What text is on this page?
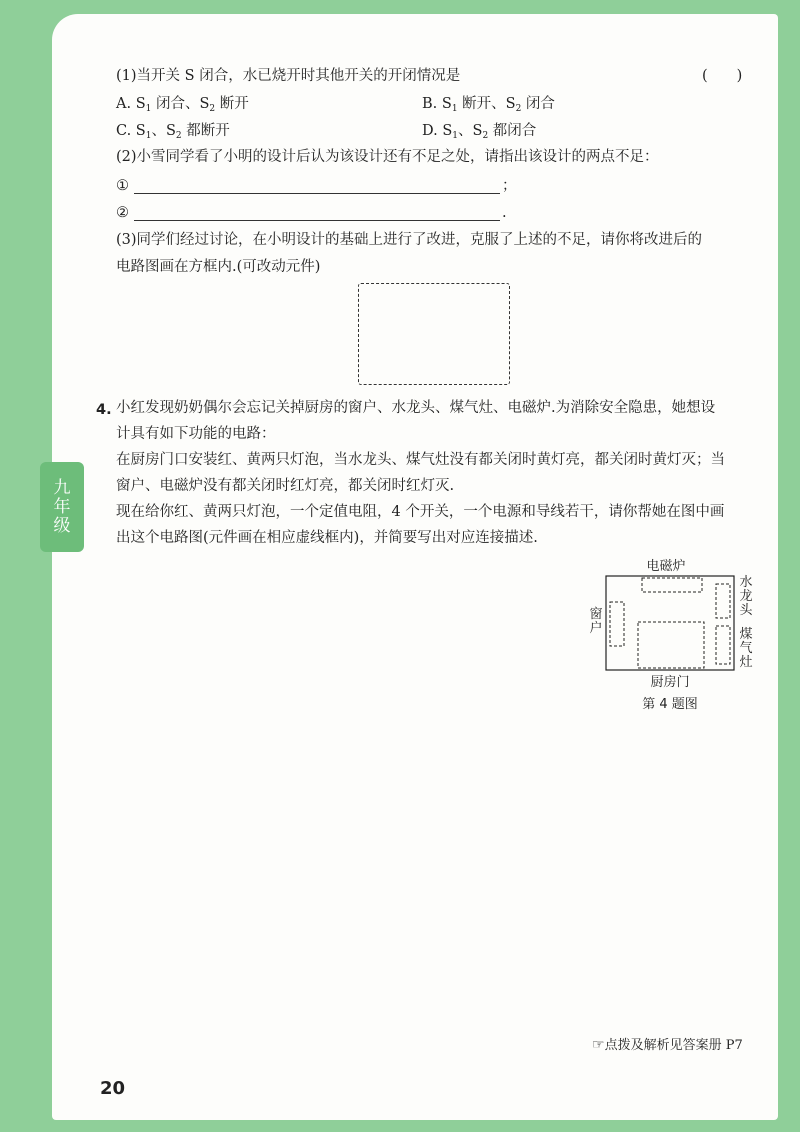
九
年
级
(1)当开关 S 闭合，水已烧开时其他开关的开闭情况是	(　　)
A. $S_1$ 闭合、$S_2$ 断开	B. $S_1$ 断开、$S_2$ 闭合
C. $S_1$、$S_2$ 都断开	D. $S_1$、$S_2$ 都闭合
(2)小雪同学看了小明的设计后认为该设计还有不足之处，请指出该设计的两点不足：
①	；
②	.
(3)同学们经过讨论，在小明设计的基础上进行了改进，克服了上述的不足，请你将改进后的
电路图画在方框内.(可改动元件)
4. 小红发现奶奶偶尔会忘记关掉厨房的窗户、水龙头、煤气灶、电磁炉.为消除安全隐患，她想设
计具有如下功能的电路：
在厨房门口安装红、黄两只灯泡，当水龙头、煤气灶没有都关闭时黄灯亮，都关闭时黄灯灭；当
窗户、电磁炉没有都关闭时红灯亮，都关闭时红灯灭.
现在给你红、黄两只灯泡，一个定值电阻，4 个开关，一个电源和导线若干，请你帮她在图中画
出这个电路图(元件画在相应虚线框内)，并简要写出对应连接描述.
电磁炉
窗
户
水
龙
头
煤
气
灶
厨房门
第 4 题图
☞点拨及解析见答案册 P7
20
